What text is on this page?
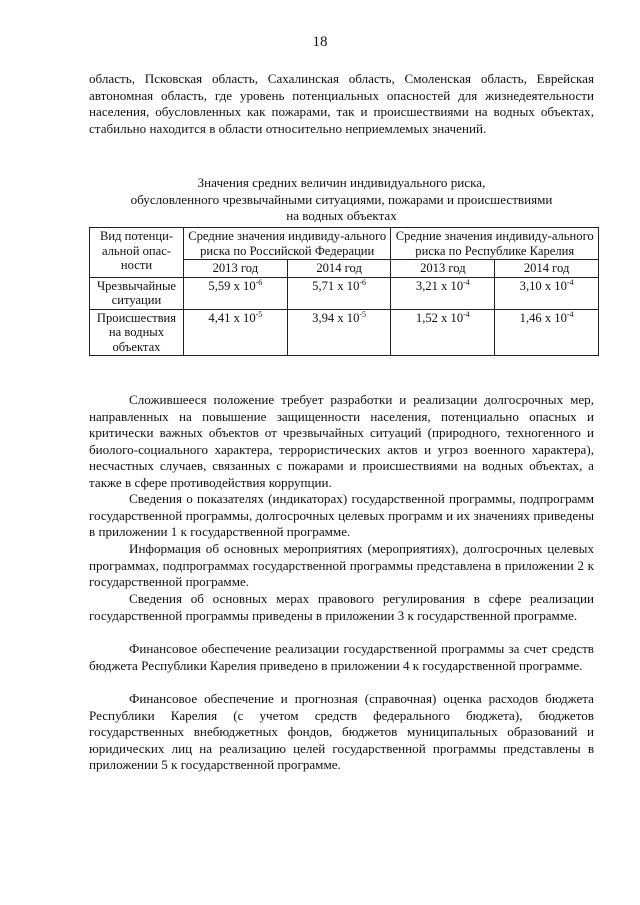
18

область, Псковская область, Сахалинская область, Смоленская область, Еврейская автономная область, где уровень потенциальных опасностей для жизнедеятельности населения, обусловленных как пожарами, так и происшествиями на водных объектах, стабильно находится в области относительно неприемлемых значений.

Значения средних величин индивидуального риска,
обусловленного чрезвычайными ситуациями, пожарами и происшествиями
на водных объектах
Вид потенци-альной опас-ности	Средние значения индивиду-ального риска по Российской Федерации		Средние значения индивиду-ального риска по Республике Карелия	
	2013 год	2014 год	2013 год	2014 год
Чрезвычайные ситуации	5,59 х $10^{-6}$	5,71 х $10^{-6}$	3,21 х $10^{-4}$	3,10 х $10^{-4}$
Происшествия на водных объектах	4,41 х $10^{-5}$	3,94 х $10^{-5}$	1,52 х $10^{-4}$	1,46 х $10^{-4}$

Сложившееся положение требует разработки и реализации долгосрочных мер, направленных на повышение защищенности населения, потенциально опасных и критически важных объектов от чрезвычайных ситуаций (природного, техногенного и биолого-социального характера, террористических актов и угроз военного характера), несчастных случаев, связанных с пожарами и происшествиями на водных объектах, а также в сфере противодействия коррупции.

Сведения о показателях (индикаторах) государственной программы, подпрограмм государственной программы, долгосрочных целевых программ и их значениях приведены в приложении 1 к государственной программе.

Информация об основных мероприятиях (мероприятиях), долгосрочных целевых программах, подпрограммах государственной программы представлена в приложении 2 к государственной программе.

Сведения об основных мерах правового регулирования в сфере реализации государственной программы приведены в приложении 3 к государственной программе.

Финансовое обеспечение реализации государственной программы за счет средств бюджета Республики Карелия приведено в приложении 4 к государственной программе.

Финансовое обеспечение и прогнозная (справочная) оценка расходов бюджета Республики Карелия (с учетом средств федерального бюджета), бюджетов государственных внебюджетных фондов, бюджетов муниципальных образований и юридических лиц на реализацию целей государственной программы представлены в приложении 5 к государственной программе.
